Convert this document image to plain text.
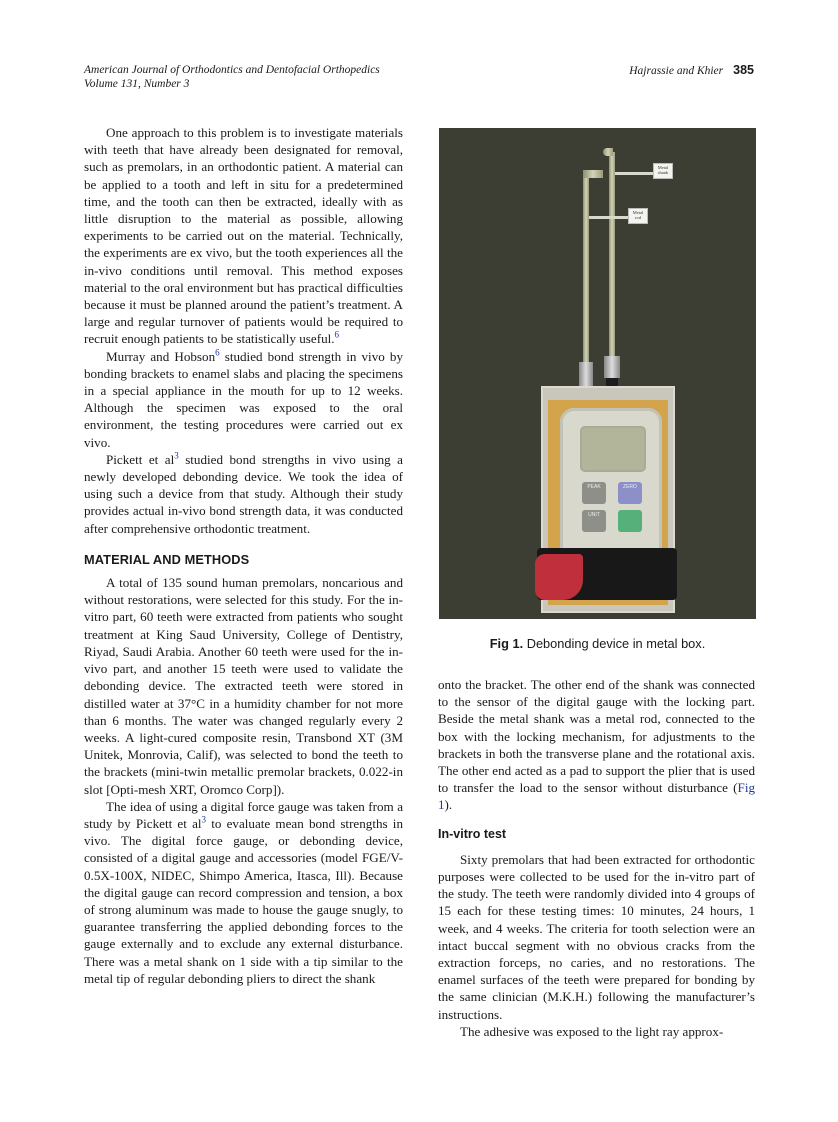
American Journal of Orthodontics and Dentofacial Orthopedics
Volume 131, Number 3
Hajrassie and Khier 385

One approach to this problem is to investigate materials with teeth that have already been designated for removal, such as premolars, in an orthodontic patient. A material can be applied to a tooth and left in situ for a predetermined time, and the tooth can then be extracted, ideally with as little disruption to the material as possible, allowing experiments to be carried out on the material. Technically, the experiments are ex vivo, but the tooth experiences all the in-vivo conditions until removal. This method exposes material to the oral environment but has practical difficulties because it must be planned around the patient’s treatment. A large and regular turnover of patients would be required to recruit enough patients to be statistically useful.$^6$

Murray and Hobson$^6$ studied bond strength in vivo by bonding brackets to enamel slabs and placing the specimens in a special appliance in the mouth for up to 12 weeks. Although the specimen was exposed to the oral environment, the testing procedures were carried out ex vivo.

Pickett et al$^3$ studied bond strengths in vivo using a newly developed debonding device. We took the idea of using such a device from that study. Although their study provides actual in-vivo bond strength data, it was conducted after comprehensive orthodontic treatment.

MATERIAL AND METHODS

A total of 135 sound human premolars, noncarious and without restorations, were selected for this study. For the in-vitro part, 60 teeth were extracted from patients who sought treatment at King Saud University, College of Dentistry, Riyad, Saudi Arabia. Another 60 teeth were used for the in-vivo part, and another 15 teeth were used to validate the debonding device. The extracted teeth were stored in distilled water at 37°C in a humidity chamber for not more than 6 months. The water was changed regularly every 2 weeks. A light-cured composite resin, Transbond XT (3M Unitek, Monrovia, Calif), was selected to bond the teeth to the brackets (mini-twin metallic premolar brackets, 0.022-in slot [Opti-mesh XRT, Oromco Corp]).

The idea of using a digital force gauge was taken from a study by Pickett et al$^3$ to evaluate mean bond strengths in vivo. The digital force gauge, or debonding device, consisted of a digital gauge and accessories (model FGE/V-0.5X-100X, NIDEC, Shimpo America, Itasca, Ill). Because the digital gauge can record compression and tension, a box of strong aluminum was made to house the gauge snugly, to guarantee transferring the applied debonding forces to the gauge externally and to exclude any external disturbance. There was a metal shank on 1 side with a tip similar to the metal tip of regular debonding pliers to direct the shank

Metal shank
Metal rod
PEAK	ZERO
UNIT
Fig 1. Debonding device in metal box.

onto the bracket. The other end of the shank was connected to the sensor of the digital gauge with the locking part. Beside the metal shank was a metal rod, connected to the box with the locking mechanism, for adjustments to the brackets in both the transverse plane and the rotational axis. The other end acted as a pad to support the plier that is used to transfer the load to the sensor without disturbance (Fig 1).

In-vitro test

Sixty premolars that had been extracted for orthodontic purposes were collected to be used for the in-vitro part of the study. The teeth were randomly divided into 4 groups of 15 each for these testing times: 10 minutes, 24 hours, 1 week, and 4 weeks. The criteria for tooth selection were an intact buccal segment with no obvious cracks from the extraction forceps, no caries, and no restorations. The enamel surfaces of the teeth were prepared for bonding by the same clinician (M.K.H.) following the manufacturer’s instructions.

The adhesive was exposed to the light ray approx-
